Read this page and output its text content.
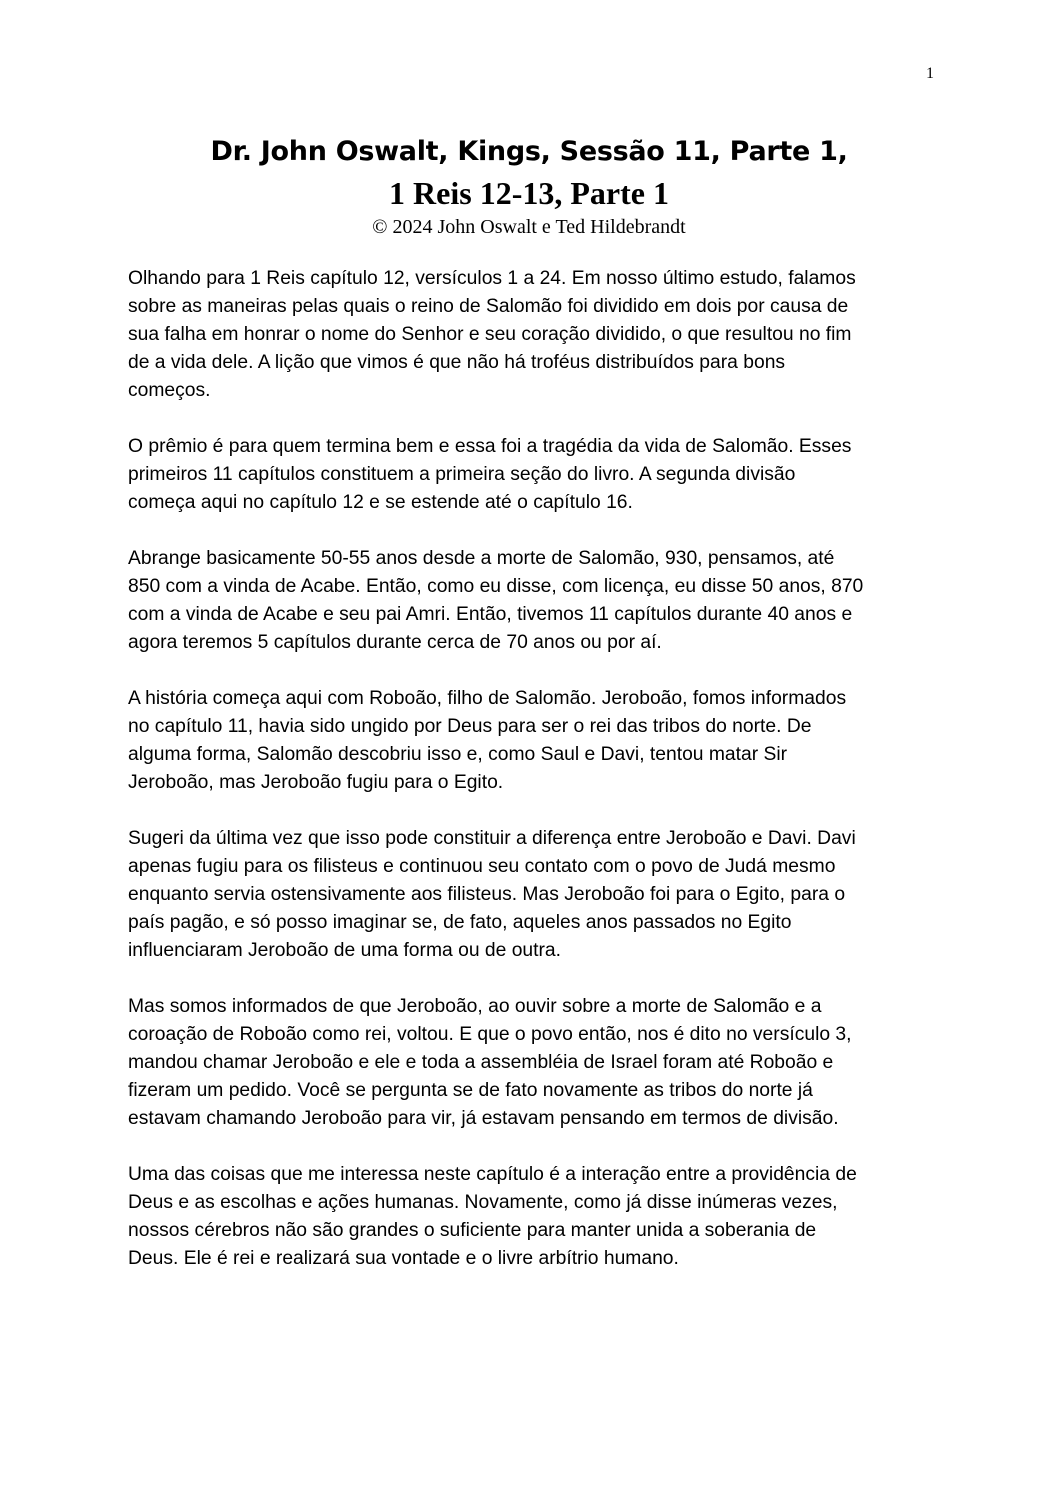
1
Dr. John Oswalt, Kings, Sessão 11, Parte 1,
1 Reis 12-13, Parte 1
© 2024 John Oswalt e Ted Hildebrandt

Olhando para 1 Reis capítulo 12, versículos 1 a 24. Em nosso último estudo, falamos
sobre as maneiras pelas quais o reino de Salomão foi dividido em dois por causa de
sua falha em honrar o nome do Senhor e seu coração dividido, o que resultou no fim
de a vida dele. A lição que vimos é que não há troféus distribuídos para bons
começos.

O prêmio é para quem termina bem e essa foi a tragédia da vida de Salomão. Esses
primeiros 11 capítulos constituem a primeira seção do livro. A segunda divisão
começa aqui no capítulo 12 e se estende até o capítulo 16.

Abrange basicamente 50-55 anos desde a morte de Salomão, 930, pensamos, até
850 com a vinda de Acabe. Então, como eu disse, com licença, eu disse 50 anos, 870
com a vinda de Acabe e seu pai Amri. Então, tivemos 11 capítulos durante 40 anos e
agora teremos 5 capítulos durante cerca de 70 anos ou por aí.

A história começa aqui com Roboão, filho de Salomão. Jeroboão, fomos informados
no capítulo 11, havia sido ungido por Deus para ser o rei das tribos do norte. De
alguma forma, Salomão descobriu isso e, como Saul e Davi, tentou matar Sir
Jeroboão, mas Jeroboão fugiu para o Egito.

Sugeri da última vez que isso pode constituir a diferença entre Jeroboão e Davi. Davi
apenas fugiu para os filisteus e continuou seu contato com o povo de Judá mesmo
enquanto servia ostensivamente aos filisteus. Mas Jeroboão foi para o Egito, para o
país pagão, e só posso imaginar se, de fato, aqueles anos passados no Egito
influenciaram Jeroboão de uma forma ou de outra.

Mas somos informados de que Jeroboão, ao ouvir sobre a morte de Salomão e a
coroação de Roboão como rei, voltou. E que o povo então, nos é dito no versículo 3,
mandou chamar Jeroboão e ele e toda a assembléia de Israel foram até Roboão e
fizeram um pedido. Você se pergunta se de fato novamente as tribos do norte já
estavam chamando Jeroboão para vir, já estavam pensando em termos de divisão.

Uma das coisas que me interessa neste capítulo é a interação entre a providência de
Deus e as escolhas e ações humanas. Novamente, como já disse inúmeras vezes,
nossos cérebros não são grandes o suficiente para manter unida a soberania de
Deus. Ele é rei e realizará sua vontade e o livre arbítrio humano.
